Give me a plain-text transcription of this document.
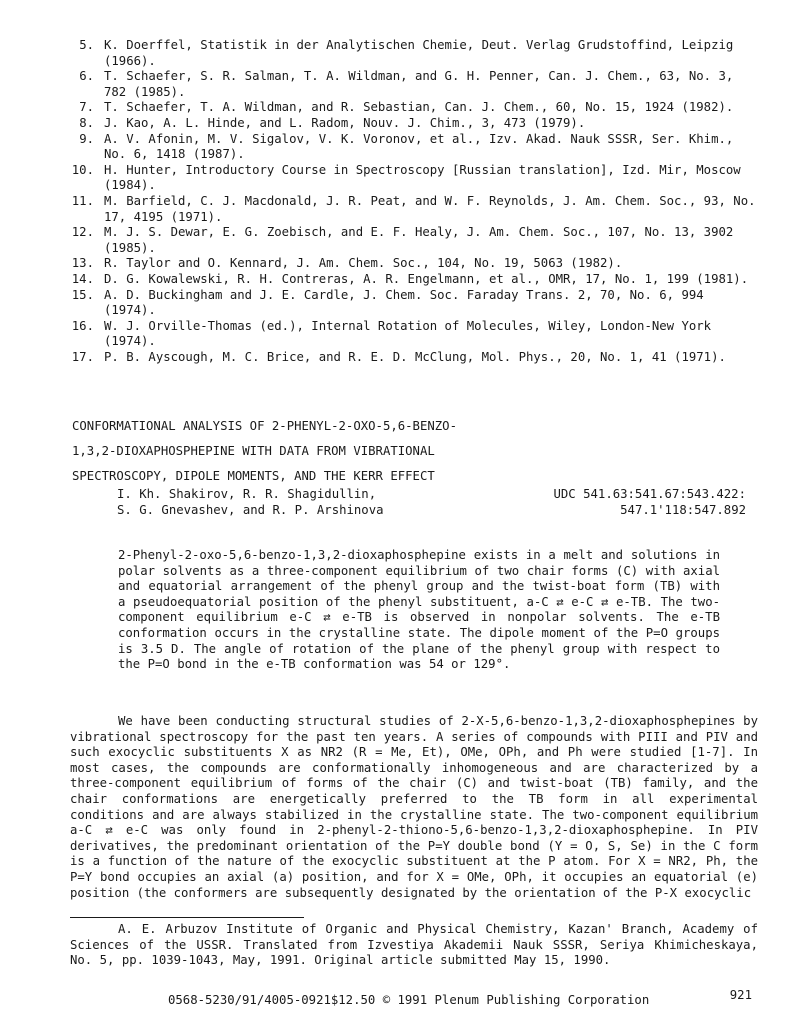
5. K. Doerffel, Statistik in der Analytischen Chemie, Deut. Verlag Grudstoffind, Leipzig (1966).
6. T. Schaefer, S. R. Salman, T. A. Wildman, and G. H. Penner, Can. J. Chem., 63, No. 3, 782 (1985).
7. T. Schaefer, T. A. Wildman, and R. Sebastian, Can. J. Chem., 60, No. 15, 1924 (1982).
8. J. Kao, A. L. Hinde, and L. Radom, Nouv. J. Chim., 3, 473 (1979).
9. A. V. Afonin, M. V. Sigalov, V. K. Voronov, et al., Izv. Akad. Nauk SSSR, Ser. Khim., No. 6, 1418 (1987).
10. H. Hunter, Introductory Course in Spectroscopy [Russian translation], Izd. Mir, Moscow (1984).
11. M. Barfield, C. J. Macdonald, J. R. Peat, and W. F. Reynolds, J. Am. Chem. Soc., 93, No. 17, 4195 (1971).
12. M. J. S. Dewar, E. G. Zoebisch, and E. F. Healy, J. Am. Chem. Soc., 107, No. 13, 3902 (1985).
13. R. Taylor and O. Kennard, J. Am. Chem. Soc., 104, No. 19, 5063 (1982).
14. D. G. Kowalewski, R. H. Contreras, A. R. Engelmann, et al., OMR, 17, No. 1, 199 (1981).
15. A. D. Buckingham and J. E. Cardle, J. Chem. Soc. Faraday Trans. 2, 70, No. 6, 994 (1974).
16. W. J. Orville-Thomas (ed.), Internal Rotation of Molecules, Wiley, London-New York (1974).
17. P. B. Ayscough, M. C. Brice, and R. E. D. McClung, Mol. Phys., 20, No. 1, 41 (1971).
CONFORMATIONAL ANALYSIS OF 2-PHENYL-2-OXO-5,6-BENZO-
1,3,2-DIOXAPHOSPHEPINE WITH DATA FROM VIBRATIONAL
SPECTROSCOPY, DIPOLE MOMENTS, AND THE KERR EFFECT
I. Kh. Shakirov, R. R. Shagidullin,
S. G. Gnevashev, and R. P. Arshinova
UDC 541.63:541.67:543.422:
547.1'118:547.892
2-Phenyl-2-oxo-5,6-benzo-1,3,2-dioxaphosphepine exists in a melt and solutions in polar solvents as a three-component equilibrium of two chair forms (C) with axial and equatorial arrangement of the phenyl group and the twist-boat form (TB) with a pseudoequatorial position of the phenyl substituent, a-C ⇄ e-C ⇄ e-TB. The two-component equilibrium e-C ⇄ e-TB is observed in nonpolar solvents. The e-TB conformation occurs in the crystalline state. The dipole moment of the P=O groups is 3.5 D. The angle of rotation of the plane of the phenyl group with respect to the P=O bond in the e-TB conformation was 54 or 129°.

We have been conducting structural studies of 2-X-5,6-benzo-1,3,2-dioxaphosphepines by vibrational spectroscopy for the past ten years. A series of compounds with PIII and PIV and such exocyclic substituents X as NR2 (R = Me, Et), OMe, OPh, and Ph were studied [1-7]. In most cases, the compounds are conformationally inhomogeneous and are characterized by a three-component equilibrium of forms of the chair (C) and twist-boat (TB) family, and the chair conformations are energetically preferred to the TB form in all experimental conditions and are always stabilized in the crystalline state. The two-component equilibrium a-C ⇄ e-C was only found in 2-phenyl-2-thiono-5,6-benzo-1,3,2-dioxaphosphepine. In PIV derivatives, the predominant orientation of the P=Y double bond (Y = O, S, Se) in the C form is a function of the nature of the exocyclic substituent at the P atom. For X = NR2, Ph, the P=Y bond occupies an axial (a) position, and for X = OMe, OPh, it occupies an equatorial (e) position (the conformers are subsequently designated by the orientation of the P-X exocyclic

A. E. Arbuzov Institute of Organic and Physical Chemistry, Kazan' Branch, Academy of Sciences of the USSR. Translated from Izvestiya Akademii Nauk SSSR, Seriya Khimicheskaya, No. 5, pp. 1039-1043, May, 1991. Original article submitted May 15, 1990.

0568-5230/91/4005-0921$12.50 © 1991 Plenum Publishing Corporation	921
